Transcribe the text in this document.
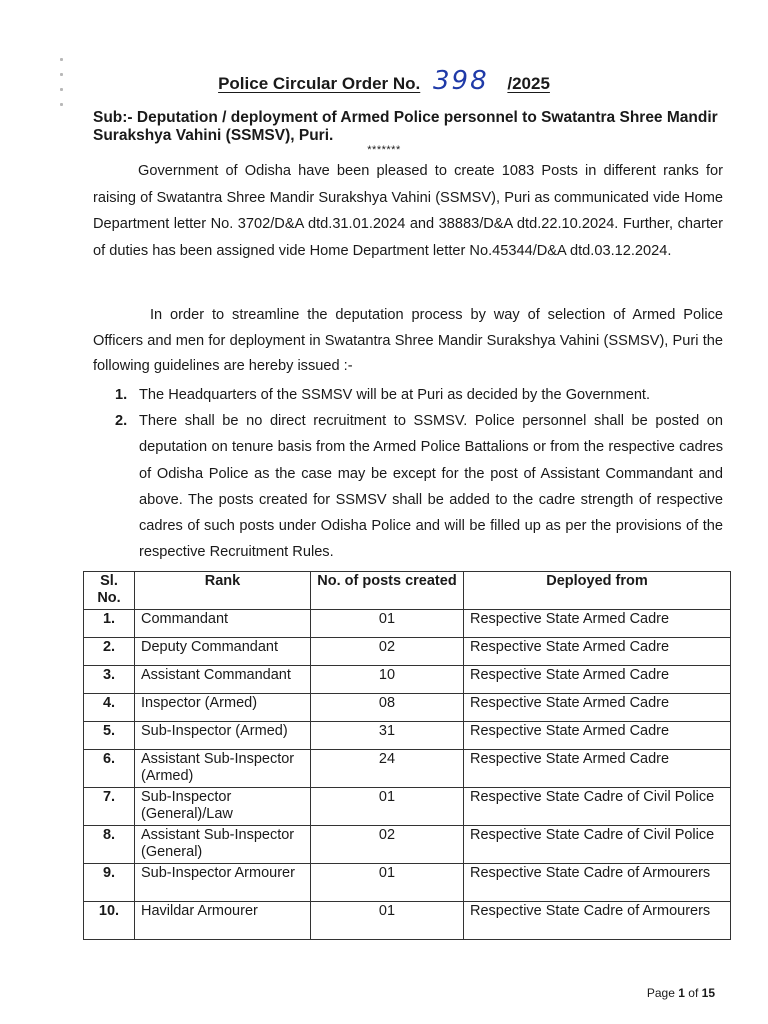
Police Circular Order No. 398 /2025
Sub:- Deputation / deployment of Armed Police personnel to Swatantra Shree Mandir Surakshya Vahini (SSMSV), Puri.
*******
Government of Odisha have been pleased to create 1083 Posts in different ranks for raising of Swatantra Shree Mandir Surakshya Vahini (SSMSV), Puri as communicated vide Home Department letter No. 3702/D&A dtd.31.01.2024 and 38883/D&A dtd.22.10.2024. Further, charter of duties has been assigned vide Home Department letter No.45344/D&A dtd.03.12.2024.
In order to streamline the deputation process by way of selection of Armed Police Officers and men for deployment in Swatantra Shree Mandir Surakshya Vahini (SSMSV), Puri the following guidelines are hereby issued :-
1. The Headquarters of the SSMSV will be at Puri as decided by the Government.
2. There shall be no direct recruitment to SSMSV. Police personnel shall be posted on deputation on tenure basis from the Armed Police Battalions or from the respective cadres of Odisha Police as the case may be except for the post of Assistant Commandant and above. The posts created for SSMSV shall be added to the cadre strength of respective cadres of such posts under Odisha Police and will be filled up as per the provisions of the respective Recruitment Rules.
Sl. No.	Rank	No. of posts created	Deployed from
1.	Commandant	01	Respective State Armed Cadre
2.	Deputy Commandant	02	Respective State Armed Cadre
3.	Assistant Commandant	10	Respective State Armed Cadre
4.	Inspector (Armed)	08	Respective State Armed Cadre
5.	Sub-Inspector (Armed)	31	Respective State Armed Cadre
6.	Assistant Sub-Inspector (Armed)	24	Respective State Armed Cadre
7.	Sub-Inspector (General)/Law	01	Respective State Cadre of Civil Police
8.	Assistant Sub-Inspector (General)	02	Respective State Cadre of Civil Police
9.	Sub-Inspector Armourer	01	Respective State Cadre of Armourers
10.	Havildar Armourer	01	Respective State Cadre of Armourers
Page 1 of 15
